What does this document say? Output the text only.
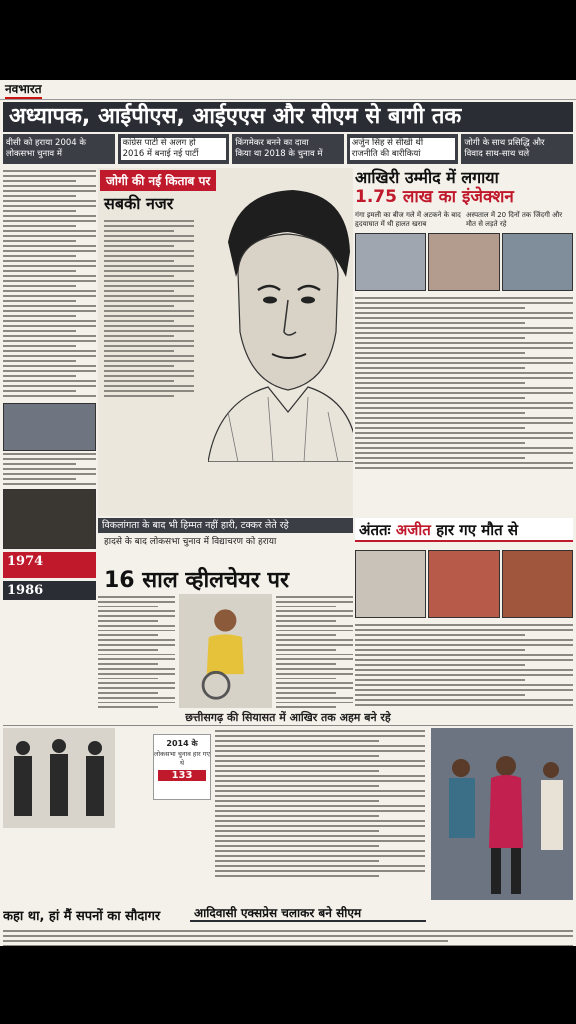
नवभारत
अध्यापक, आईपीएस, आईएएस और सीएम से बागी तक
वीसी को हराया 2004 के
लोकसभा चुनाव में
कांग्रेस पार्टी से अलग हो
2016 में बनाई नई पार्टी
किंगमेकर बनने का दावा
किया था 2018 के चुनाव में
अर्जुन सिंह से सीखी थीं
राजनीति की बारीकियां
जोगी के साथ प्रसिद्धि और
विवाद साथ-साथ चले
1974
1986
जोगी की नई किताब पर
सबकी नजर
आखिरी उम्मीद में लगाया
1.75 लाख का इंजेक्शन
गंगा इमली का बीज गले में अटकने के बाद हृदयाघात में थी हालत खराब
अस्पताल में 20 दिनों तक जिंदगी और मौत से लड़ते रहे
विकलांगता के बाद भी हिम्मत नहीं हारी, टक्कर लेते रहे
हादसे के बाद लोकसभा चुनाव में विद्याचरण को हराया
16 साल व्हीलचेयर पर
अंततः अजीत हार गए मौत से
छत्तीसगढ़ की सियासत में आखिर तक अहम बने रहे
2014 के
लोकसभा चुनाव हार गए थे
133
कहा था, हां मैं सपनों का सौदागर	आदिवासी एक्सप्रेस चलाकर बने सीएम
